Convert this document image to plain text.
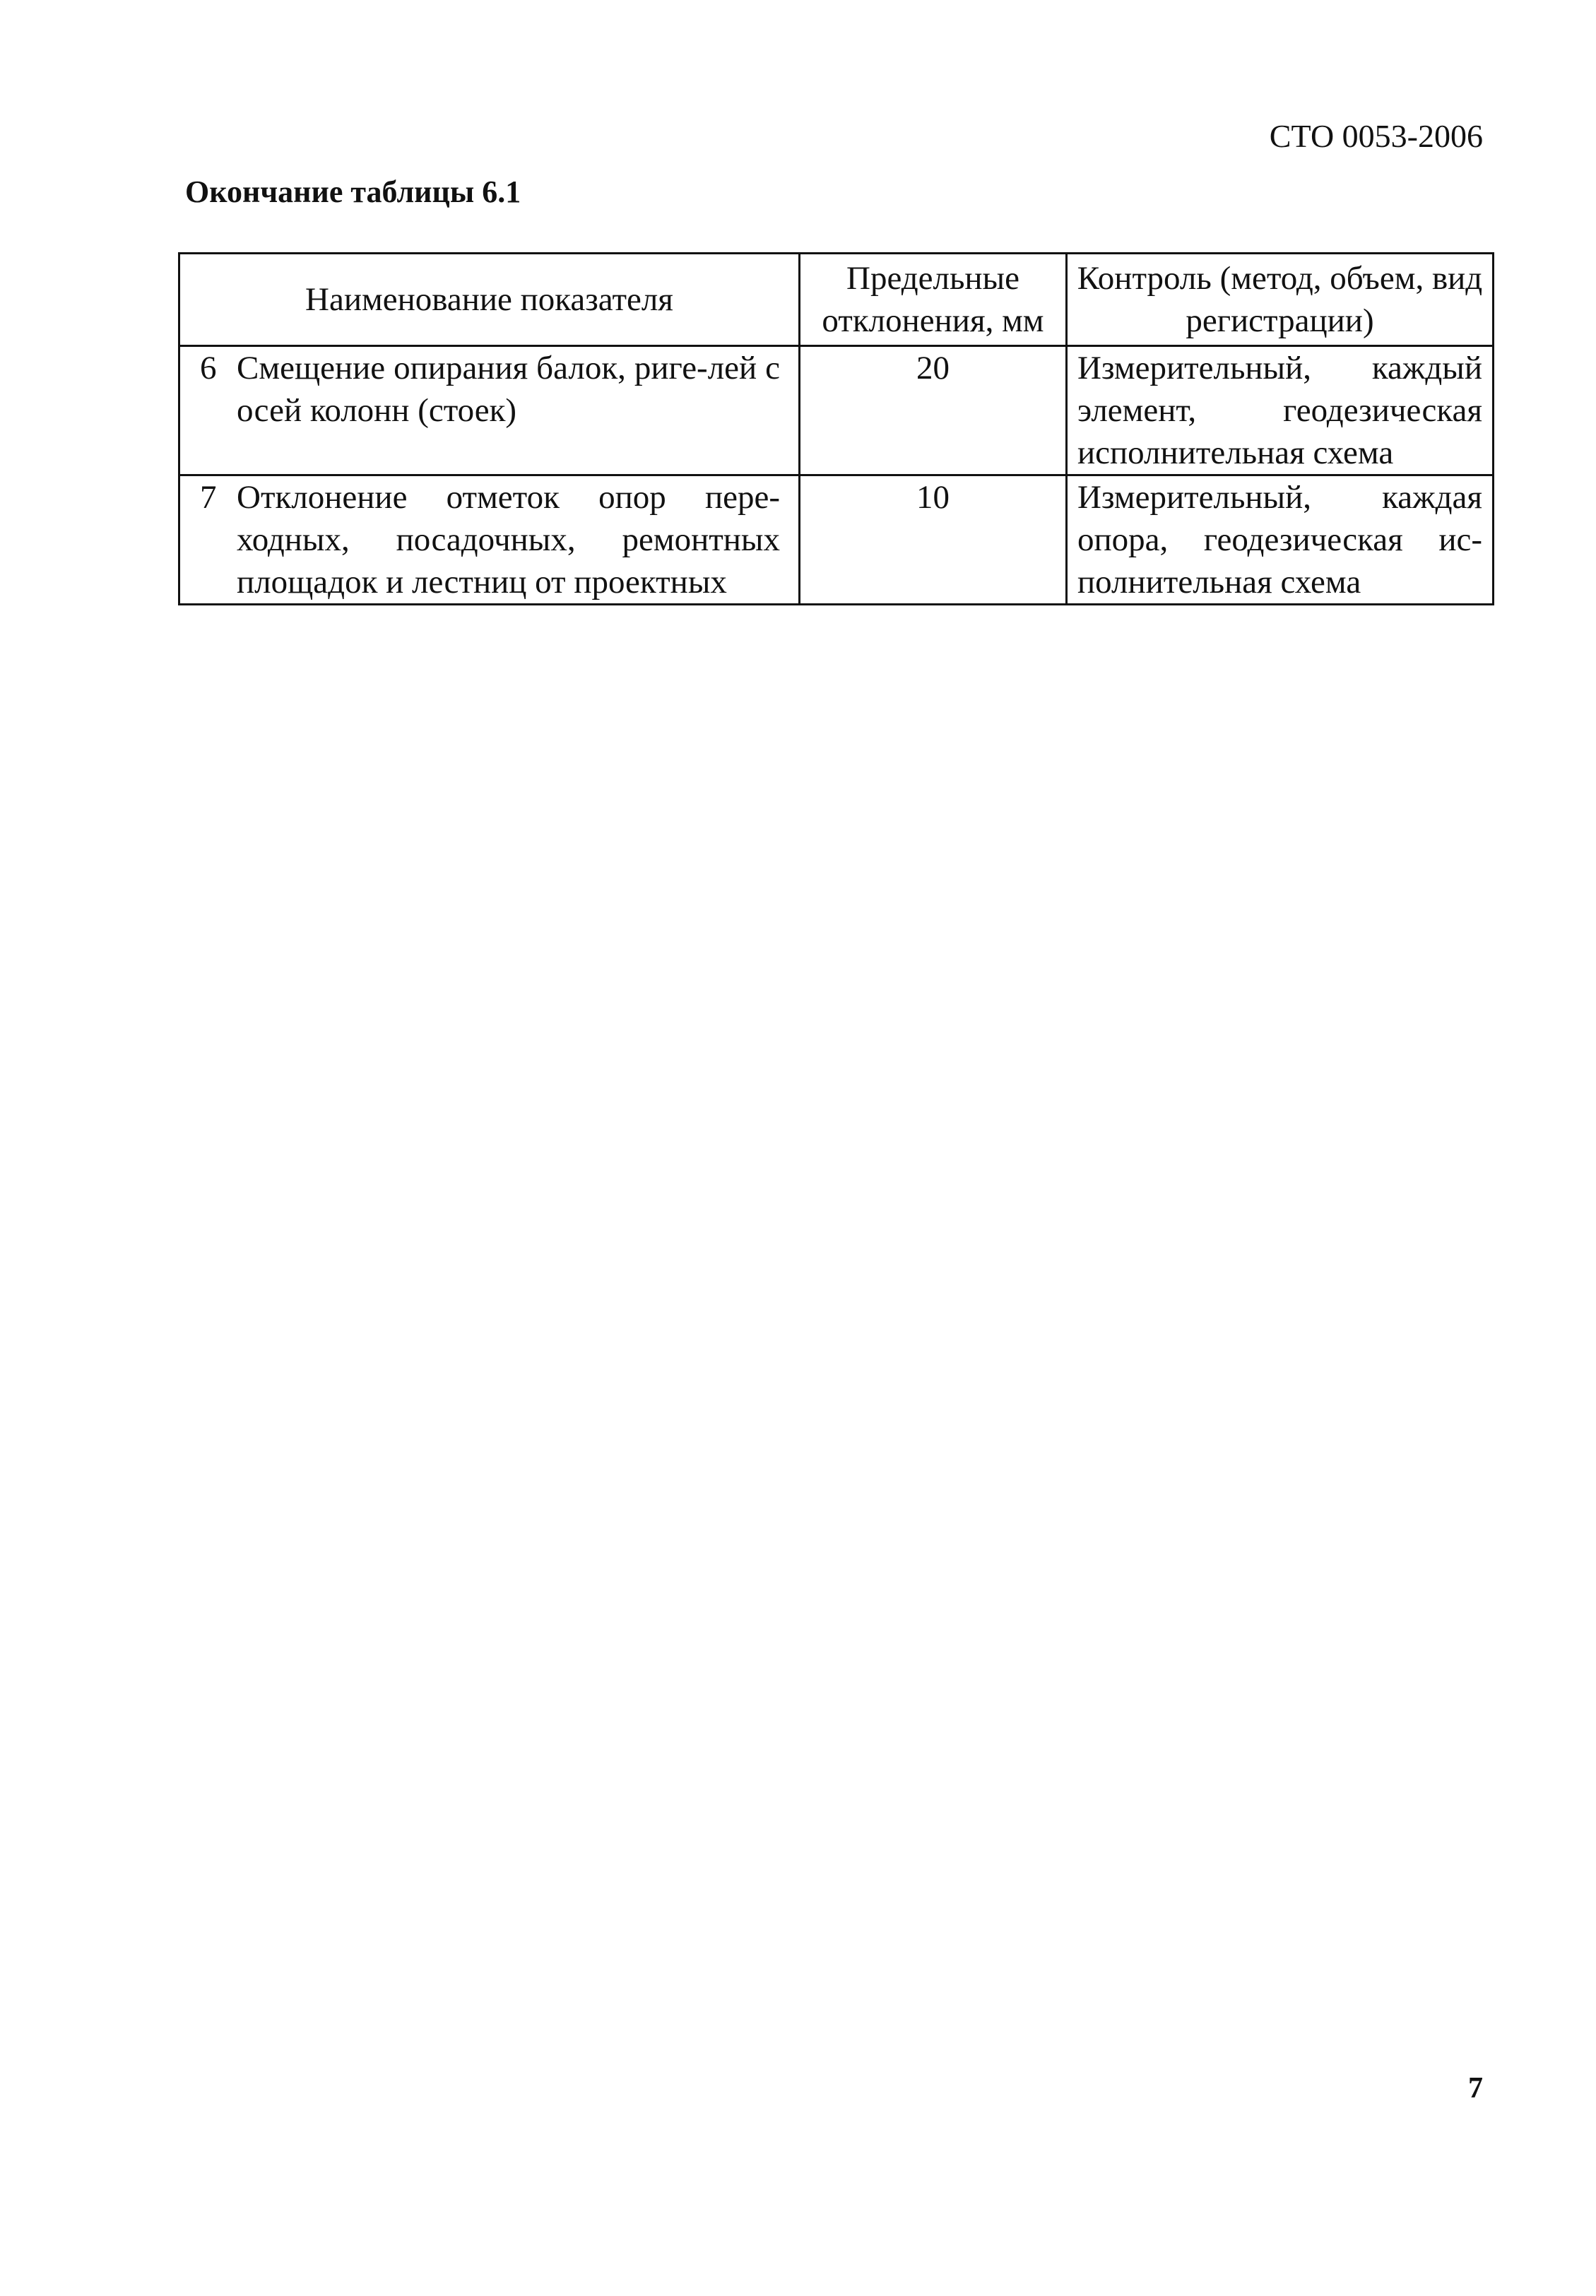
СТО 0053-2006
Окончание таблицы 6.1
Наименование показателя	Предельные отклонения, мм	Контроль (метод, объем, вид регистрации)

6 Смещение опирания балок, риге-лей с осей колонн (стоек)	20	Измерительный, каждый элемент, геодезическая исполнительная схема

7 Отклонение отметок опор пере-ходных, посадочных, ремонтных площадок и лестниц от проектных	10	Измерительный, каждая опора, геодезическая ис-полнительная схема
7
